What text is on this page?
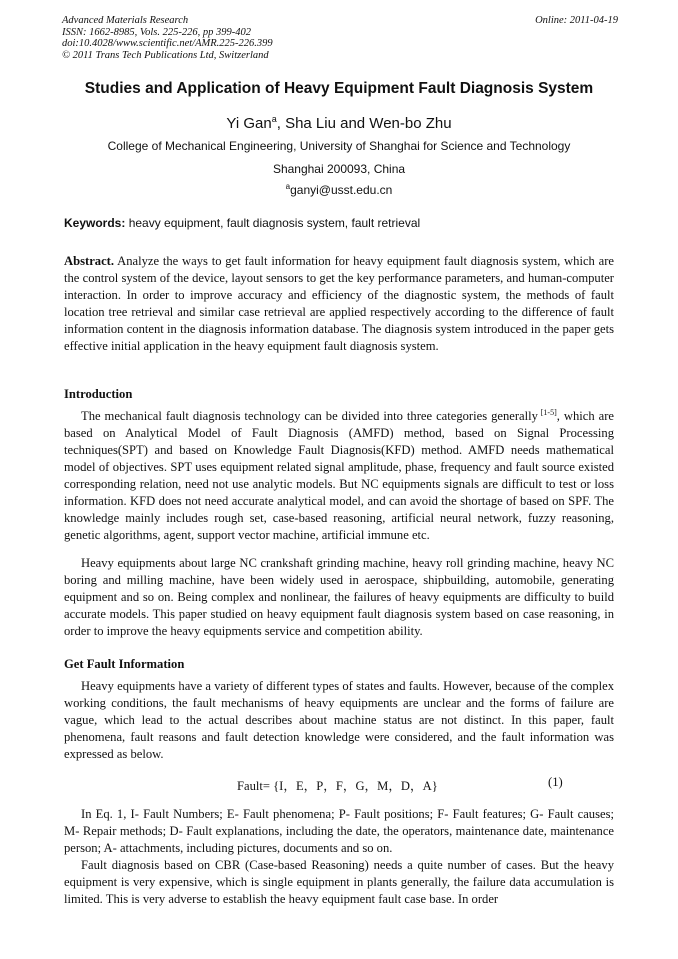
Advanced Materials Research
ISSN: 1662-8985, Vols. 225-226, pp 399-402
doi:10.4028/www.scientific.net/AMR.225-226.399
© 2011 Trans Tech Publications Ltd, Switzerland
Online: 2011-04-19
Studies and Application of Heavy Equipment Fault Diagnosis System
Yi Gan$^a$, Sha Liu and Wen-bo Zhu
College of Mechanical Engineering, University of Shanghai for Science and Technology
Shanghai 200093, China
$^a$ganyi@usst.edu.cn
Keywords: heavy equipment, fault diagnosis system, fault retrieval
Abstract. Analyze the ways to get fault information for heavy equipment fault diagnosis system, which are the control system of the device, layout sensors to get the key performance parameters, and human-computer interaction. In order to improve accuracy and efficiency of the diagnostic system, the methods of fault location tree retrieval and similar case retrieval are applied respectively according to the difference of fault information content in the diagnosis information database. The diagnosis system introduced in the paper gets effective initial application in the heavy equipment fault diagnosis system.
Introduction
The mechanical fault diagnosis technology can be divided into three categories generally [1-5], which are based on Analytical Model of Fault Diagnosis (AMFD) method, based on Signal Processing techniques(SPT) and based on Knowledge Fault Diagnosis(KFD) method. AMFD needs mathematical model of objectives. SPT uses equipment related signal amplitude, phase, frequency and fault source existed corresponding relation, need not use analytic models. But NC equipments signals are difficult to test or loss information. KFD does not need accurate analytical model, and can avoid the shortage of based on SPF. The knowledge mainly includes rough set, case-based reasoning, artificial neural network, fuzzy reasoning, genetic algorithms, agent, support vector machine, artificial immune etc.
Heavy equipments about large NC crankshaft grinding machine, heavy roll grinding machine, heavy NC boring and milling machine, have been widely used in aerospace, shipbuilding, automobile, generating equipment and so on. Being complex and nonlinear, the failures of heavy equipments are difficulty to build accurate models. This paper studied on heavy equipment fault diagnosis system based on case reasoning, in order to improve the heavy equipments service and competition ability.
Get Fault Information
Heavy equipments have a variety of different types of states and faults. However, because of the complex working conditions, the fault mechanisms of heavy equipments are unclear and the forms of failure are vague, which lead to the actual describes about machine status are not distinct. In this paper, fault phenomena, fault reasons and fault detection knowledge were considered, and the fault information was expressed as below.
Fault= {I，E，P，F，G，M，D，A}	(1)
In Eq. 1, I- Fault Numbers; E- Fault phenomena; P- Fault positions; F- Fault features; G- Fault causes; M- Repair methods; D- Fault explanations, including the date, the operators, maintenance date, maintenance person; A- attachments, including pictures, documents and so on.
Fault diagnosis based on CBR (Case-based Reasoning) needs a quite number of cases. But the heavy equipment is very expensive, which is single equipment in plants generally, the failure data accumulation is limited. This is very adverse to establish the heavy equipment fault case base. In order
